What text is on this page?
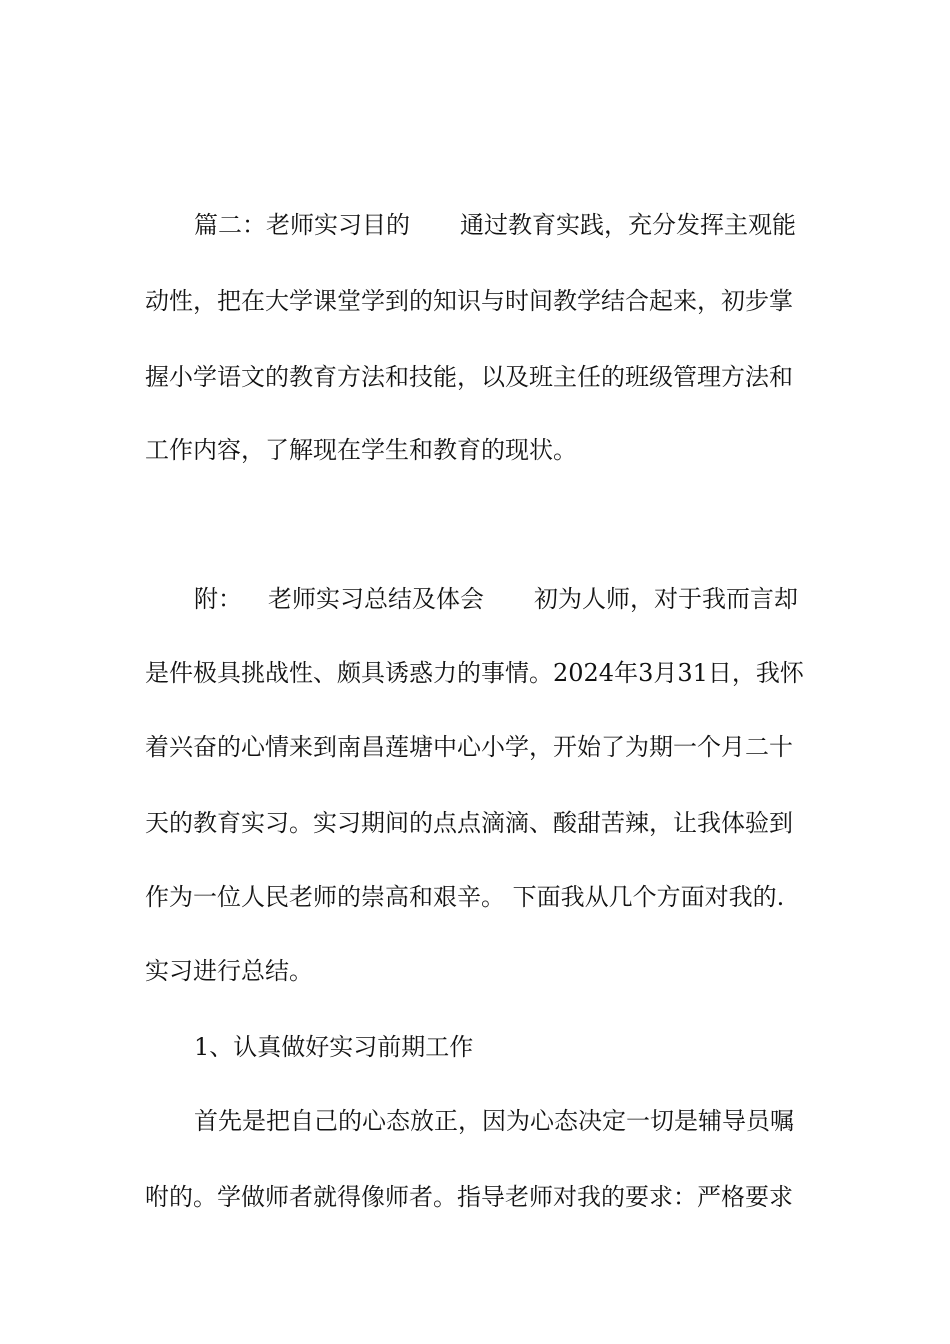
篇二：老师实习目的 通过教育实践，充分发挥主观能
动性，把在大学课堂学到的知识与时间教学结合起来，初步掌
握小学语文的教育方法和技能，以及班主任的班级管理方法和
工作内容，了解现在学生和教育的现状。
附： 老师实习总结及体会 初为人师，对于我而言却
是件极具挑战性、颇具诱惑力的事情。2024年3月31日，我怀
着兴奋的心情来到南昌莲塘中心小学，开始了为期一个月二十
天的教育实习。实习期间的点点滴滴、酸甜苦辣，让我体验到
作为一位人民老师的崇高和艰辛。 下面我从几个方面对我的.
实习进行总结。
1、认真做好实习前期工作
首先是把自己的心态放正，因为心态决定一切是辅导员嘱
咐的。学做师者就得像师者。指导老师对我的要求：严格要求
